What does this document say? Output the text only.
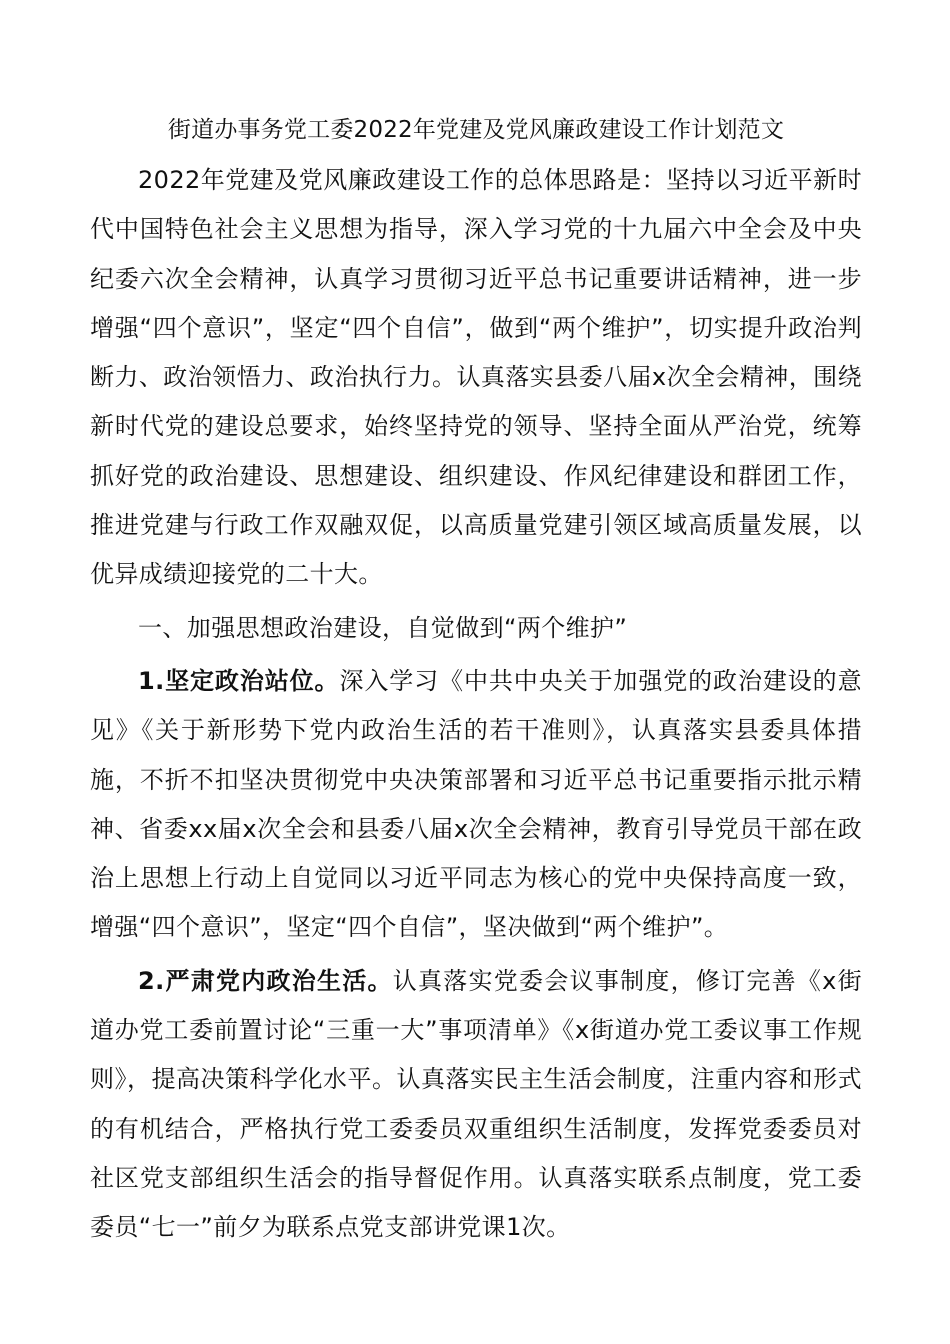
街道办事务党工委2022年党建及党风廉政建设工作计划范文

2022年党建及党风廉政建设工作的总体思路是：坚持以习近平新时代中国特色社会主义思想为指导，深入学习党的十九届六中全会及中央纪委六次全会精神，认真学习贯彻习近平总书记重要讲话精神，进一步增强“四个意识”，坚定“四个自信”，做到“两个维护”，切实提升政治判断力、政治领悟力、政治执行力。认真落实县委八届x次全会精神，围绕新时代党的建设总要求，始终坚持党的领导、坚持全面从严治党，统筹抓好党的政治建设、思想建设、组织建设、作风纪律建设和群团工作，推进党建与行政工作双融双促，以高质量党建引领区域高质量发展，以优异成绩迎接党的二十大。

一、加强思想政治建设，自觉做到“两个维护”

1.坚定政治站位。深入学习《中共中央关于加强党的政治建设的意见》《关于新形势下党内政治生活的若干准则》，认真落实县委具体措施，不折不扣坚决贯彻党中央决策部署和习近平总书记重要指示批示精神、省委xx届x次全会和县委八届x次全会精神，教育引导党员干部在政治上思想上行动上自觉同以习近平同志为核心的党中央保持高度一致，增强“四个意识”，坚定“四个自信”，坚决做到“两个维护”。

2.严肃党内政治生活。认真落实党委会议事制度，修订完善《x街道办党工委前置讨论“三重一大”事项清单》《x街道办党工委议事工作规则》，提高决策科学化水平。认真落实民主生活会制度，注重内容和形式的有机结合，严格执行党工委委员双重组织生活制度，发挥党委委员对社区党支部组织生活会的指导督促作用。认真落实联系点制度，党工委委员“七一”前夕为联系点党支部讲党课1次。
